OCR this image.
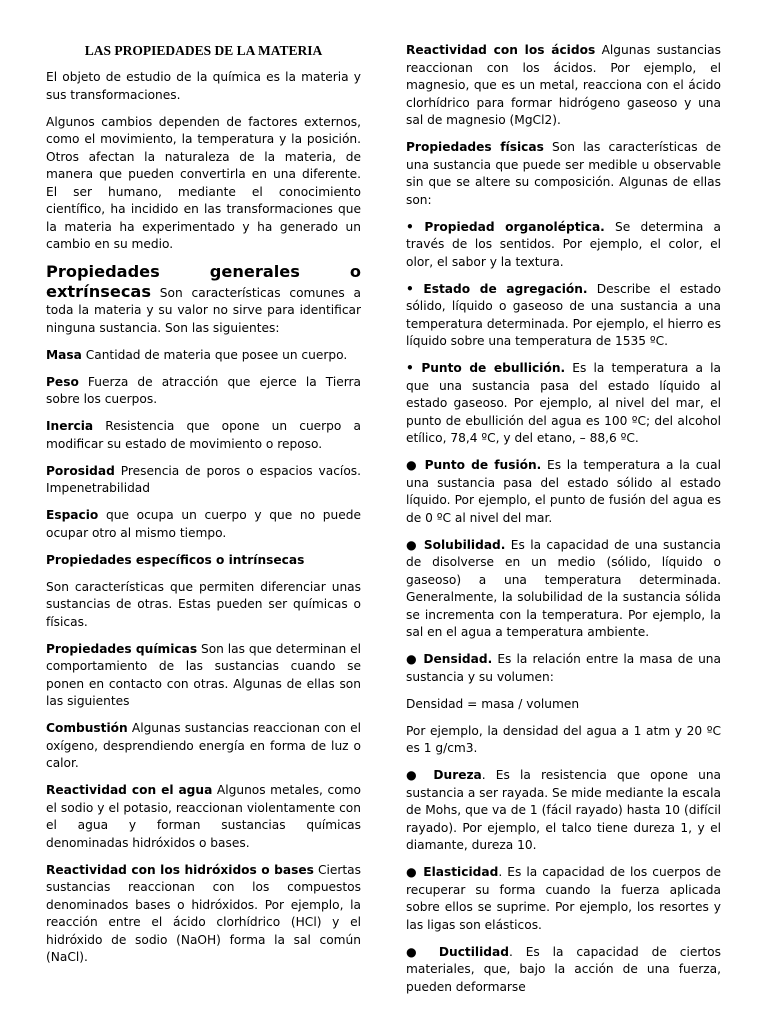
LAS PROPIEDADES DE LA MATERIA

El objeto de estudio de la química es la materia y sus transformaciones.

Algunos cambios dependen de factores externos, como el movimiento, la temperatura y la posición. Otros afectan la naturaleza de la materia, de manera que pueden convertirla en una diferente. El ser humano, mediante el conocimiento científico, ha incidido en las transformaciones que la materia ha experimentado y ha generado un cambio en su medio.

Propiedades generales o extrínsecas Son características comunes a toda la materia y su valor no sirve para identificar ninguna sustancia. Son las siguientes:

Masa Cantidad de materia que posee un cuerpo.

Peso Fuerza de atracción que ejerce la Tierra sobre los cuerpos.

Inercia Resistencia que opone un cuerpo a modificar su estado de movimiento o reposo.

Porosidad Presencia de poros o espacios vacíos. Impenetrabilidad

Espacio que ocupa un cuerpo y que no puede ocupar otro al mismo tiempo.

Propiedades específicos o intrínsecas

Son características que permiten diferenciar unas sustancias de otras. Estas pueden ser químicas o físicas.

Propiedades químicas Son las que determinan el comportamiento de las sustancias cuando se ponen en contacto con otras. Algunas de ellas son las siguientes

Combustión Algunas sustancias reaccionan con el oxígeno, desprendiendo energía en forma de luz o calor.

Reactividad con el agua Algunos metales, como el sodio y el potasio, reaccionan violentamente con el agua y forman sustancias químicas denominadas hidróxidos o bases.

Reactividad con los hidróxidos o bases Ciertas sustancias reaccionan con los compuestos denominados bases o hidróxidos. Por ejemplo, la reacción entre el ácido clorhídrico (HCl) y el hidróxido de sodio (NaOH) forma la sal común (NaCl).

Reactividad con los ácidos Algunas sustancias reaccionan con los ácidos. Por ejemplo, el magnesio, que es un metal, reacciona con el ácido clorhídrico para formar hidrógeno gaseoso y una sal de magnesio (MgCl2).

Propiedades físicas Son las características de una sustancia que puede ser medible u observable sin que se altere su composición. Algunas de ellas son:

• Propiedad organoléptica. Se determina a través de los sentidos. Por ejemplo, el color, el olor, el sabor y la textura.

• Estado de agregación. Describe el estado sólido, líquido o gaseoso de una sustancia a una temperatura determinada. Por ejemplo, el hierro es líquido sobre una temperatura de 1535 ºC.

• Punto de ebullición. Es la temperatura a la que una sustancia pasa del estado líquido al estado gaseoso. Por ejemplo, al nivel del mar, el punto de ebullición del agua es 100 ºC; del alcohol etílico, 78,4 ºC, y del etano, – 88,6 ºC.

● Punto de fusión. Es la temperatura a la cual una sustancia pasa del estado sólido al estado líquido. Por ejemplo, el punto de fusión del agua es de 0 ºC al nivel del mar.

● Solubilidad. Es la capacidad de una sustancia de disolverse en un medio (sólido, líquido o gaseoso) a una temperatura determinada. Generalmente, la solubilidad de la sustancia sólida se incrementa con la temperatura. Por ejemplo, la sal en el agua a temperatura ambiente.

● Densidad. Es la relación entre la masa de una sustancia y su volumen:

Densidad = masa / volumen

Por ejemplo, la densidad del agua a 1 atm y 20 ºC es 1 g/cm3.

● Dureza. Es la resistencia que opone una sustancia a ser rayada. Se mide mediante la escala de Mohs, que va de 1 (fácil rayado) hasta 10 (difícil rayado). Por ejemplo, el talco tiene dureza 1, y el diamante, dureza 10.

● Elasticidad. Es la capacidad de los cuerpos de recuperar su forma cuando la fuerza aplicada sobre ellos se suprime. Por ejemplo, los resortes y las ligas son elásticos.

● Ductilidad. Es la capacidad de ciertos materiales, que, bajo la acción de una fuerza, pueden deformarse
